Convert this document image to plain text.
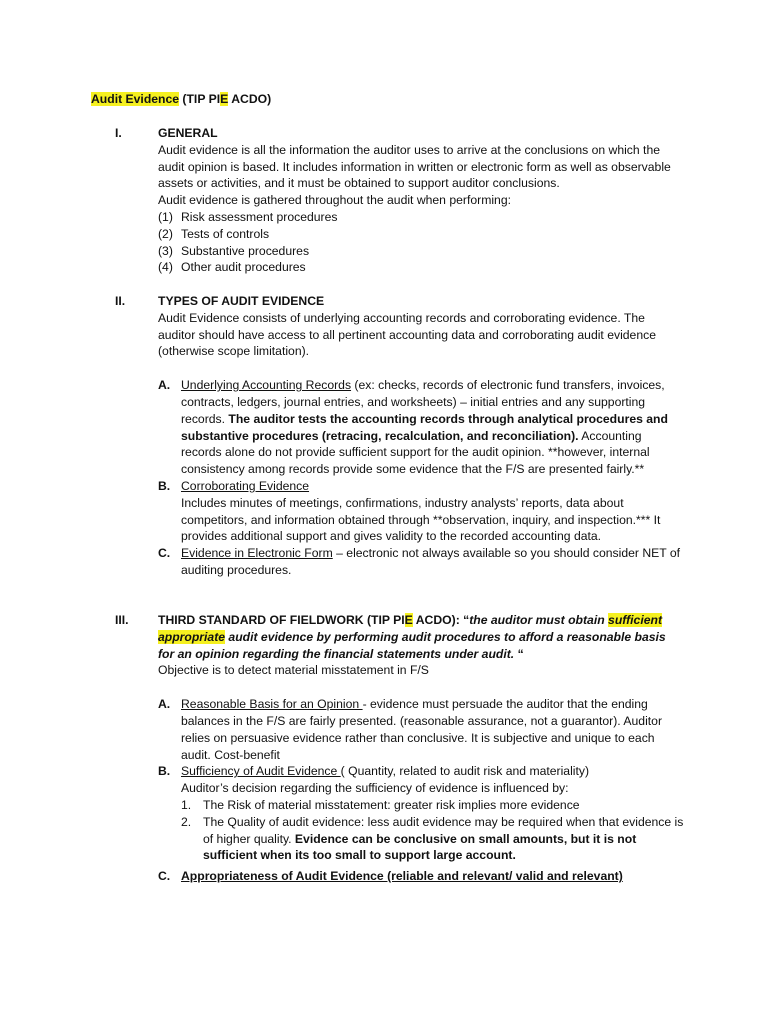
Audit Evidence (TIP PIE ACDO)
I.	GENERAL

Audit evidence is all the information the auditor uses to arrive at the conclusions on which the audit opinion is based. It includes information in written or electronic form as well as observable assets or activities, and it must be obtained to support auditor conclusions.

Audit evidence is gathered throughout the audit when performing:

(1) Risk assessment procedures
(2) Tests of controls
(3) Substantive procedures
(4) Other audit procedures
II.	TYPES OF AUDIT EVIDENCE

Audit Evidence consists of underlying accounting records and corroborating evidence. The auditor should have access to all pertinent accounting data and corroborating audit evidence (otherwise scope limitation).

A. Underlying Accounting Records (ex: checks, records of electronic fund transfers, invoices, contracts, ledgers, journal entries, and worksheets) – initial entries and any supporting records. The auditor tests the accounting records through analytical procedures and substantive procedures (retracing, recalculation, and reconciliation). Accounting records alone do not provide sufficient support for the audit opinion. **however, internal consistency among records provide some evidence that the F/S are presented fairly.**

B. Corroborating Evidence

Includes minutes of meetings, confirmations, industry analysts’ reports, data about competitors, and information obtained through **observation, inquiry, and inspection.*** It provides additional support and gives validity to the recorded accounting data.

C. Evidence in Electronic Form – electronic not always available so you should consider NET of auditing procedures.

III. THIRD STANDARD OF FIELDWORK (TIP PIE ACDO): “the auditor must obtain sufficient appropriate audit evidence by performing audit procedures to afford a reasonable basis for an opinion regarding the financial statements under audit. “

Objective is to detect material misstatement in F/S

A. Reasonable Basis for an Opinion - evidence must persuade the auditor that the ending balances in the F/S are fairly presented. (reasonable assurance, not a guarantor). Auditor relies on persuasive evidence rather than conclusive. It is subjective and unique to each audit. Cost-benefit

B. Sufficiency of Audit Evidence ( Quantity, related to audit risk and materiality)

Auditor’s decision regarding the sufficiency of evidence is influenced by:

1. The Risk of material misstatement: greater risk implies more evidence
2. The Quality of audit evidence: less audit evidence may be required when that evidence is of higher quality. Evidence can be conclusive on small amounts, but it is not sufficient when its too small to support large account.
C. Appropriateness of Audit Evidence (reliable and relevant/ valid and relevant)
